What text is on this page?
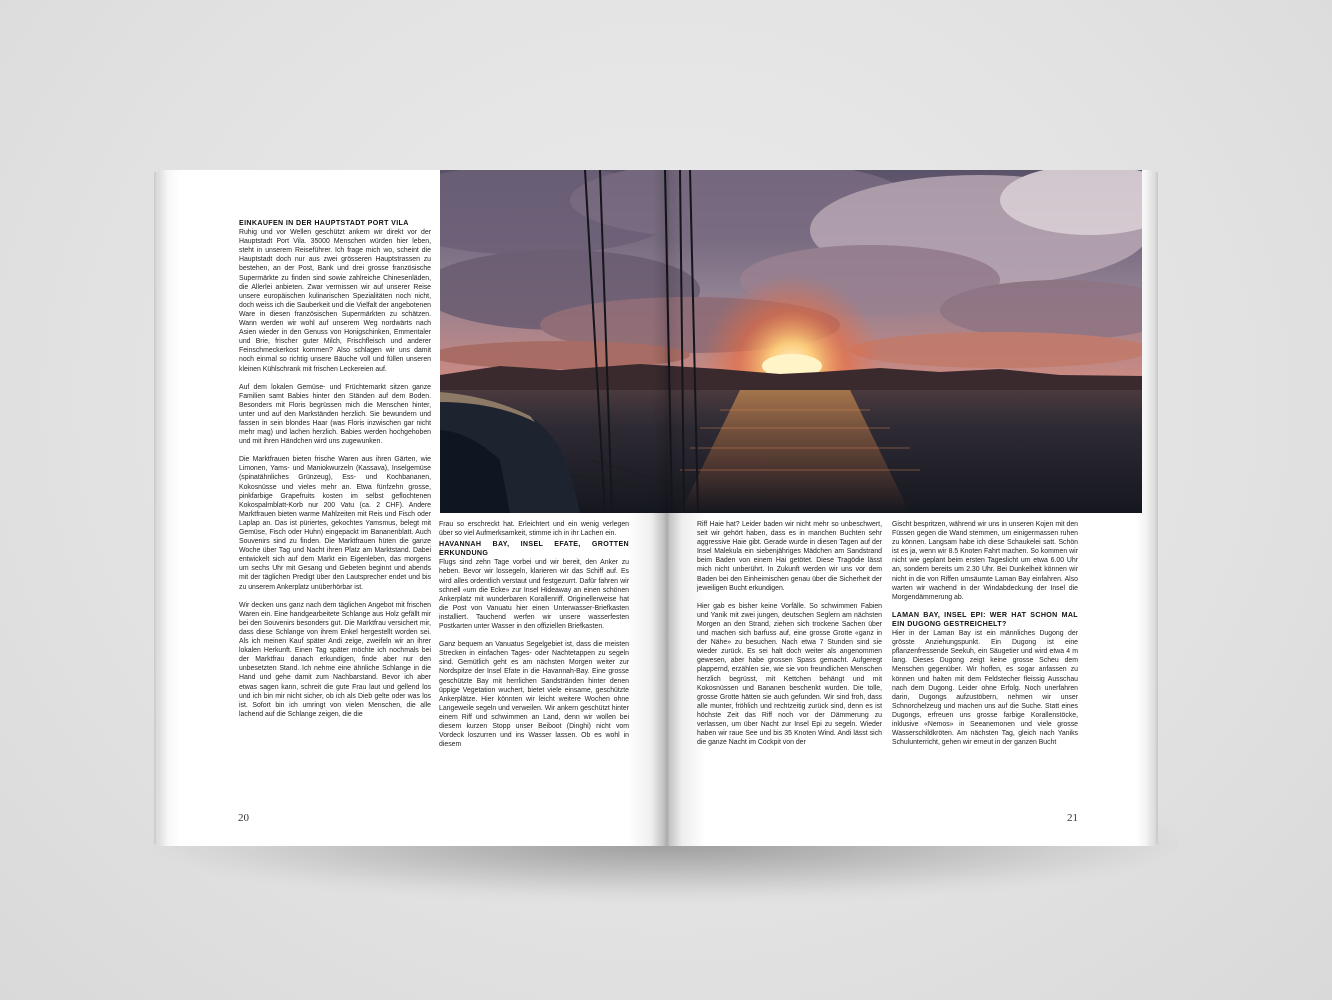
EINKAUFEN IN DER HAUPTSTADT PORT VILA

Ruhig und vor Wellen geschützt ankern wir direkt vor der Hauptstadt Port Vila. 35000 Menschen würden hier leben, steht in unserem Reiseführer. Ich frage mich wo, scheint die Hauptstadt doch nur aus zwei grösseren Hauptstrassen zu bestehen, an der Post, Bank und drei grosse französische Supermärkte zu finden sind sowie zahlreiche Chinesenläden, die Allerlei anbieten. Zwar vermissen wir auf unserer Reise unsere europäischen kulinarischen Spezialitäten noch nicht, doch weiss ich die Sauberkeit und die Vielfalt der angebotenen Ware in diesen französischen Supermärkten zu schätzen. Wann werden wir wohl auf unserem Weg nordwärts nach Asien wieder in den Genuss von Honigschinken, Emmentaler und Brie, frischer guter Milch, Frischfleisch und anderer Feinschmeckerkost kommen? Also schlagen wir uns damit noch einmal so richtig unsere Bäuche voll und füllen unseren kleinen Kühlschrank mit frischen Leckereien auf.

Auf dem lokalen Gemüse- und Früchtemarkt sitzen ganze Familien samt Babies hinter den Ständen auf dem Boden. Besonders mit Floris begrüssen mich die Menschen hinter, unter und auf den Markständen herzlich. Sie bewundern und fassen in sein blondes Haar (was Floris inzwischen gar nicht mehr mag) und lachen herzlich. Babies werden hochgehoben und mit ihren Händchen wird uns zugewunken.

Die Marktfrauen bieten frische Waren aus ihren Gärten, wie Limonen, Yams- und Maniokwurzeln (Kassava), Inselgemüse (spinatähnliches Grünzeug), Ess- und Kochbananen, Kokosnüsse und vieles mehr an. Etwa fünfzehn grosse, pinkfarbige Grapefruits kosten im selbst geflochtenen Kokospalmblatt-Korb nur 200 Vatu (ca. 2 CHF). Andere Marktfrauen bieten warme Mahlzeiten mit Reis und Fisch oder Laplap an. Das ist püriertes, gekochtes Yamsmus, belegt mit Gemüse, Fisch oder Huhn) eingepackt im Bananenblatt. Auch Souvenirs sind zu finden. Die Marktfrauen hüten die ganze Woche über Tag und Nacht ihren Platz am Marktstand. Dabei entwickelt sich auf dem Markt ein Eigenleben, das morgens um sechs Uhr mit Gesang und Gebeten beginnt und abends mit der täglichen Predigt über den Lautsprecher endet und bis zu unserem Ankerplatz unüberhörbar ist.

Wir decken uns ganz nach dem täglichen Angebot mit frischen Waren ein. Eine handgearbeitete Schlange aus Holz gefällt mir bei den Souvenirs besonders gut. Die Marktfrau versichert mir, dass diese Schlange von ihrem Enkel hergestellt worden sei. Als ich meinen Kauf später Andi zeige, zweifeln wir an ihrer lokalen Herkunft. Einen Tag später möchte ich nochmals bei der Marktfrau danach erkundigen, finde aber nur den unbesetzten Stand. Ich nehme eine ähnliche Schlange in die Hand und gehe damit zum Nachbarstand. Bevor ich aber etwas sagen kann, schreit die gute Frau laut und gellend los und ich bin mir nicht sicher, ob ich als Dieb gelte oder was los ist. Sofort bin ich umringt von vielen Menschen, die alle lachend auf die Schlange zeigen, die die

Frau so erschreckt hat. Erleichtert und ein wenig verlegen über so viel Aufmerksamkeit, stimme ich in ihr Lachen ein.

HAVANNAH BAY, INSEL EFATE, GROTTEN ERKUNDUNG

Flugs sind zehn Tage vorbei und wir bereit, den Anker zu heben. Bevor wir lossegeln, klarieren wir das Schiff auf. Es wird alles ordentlich verstaut und festgezurrt. Dafür fahren wir schnell «um die Ecke» zur Insel Hideaway an einen schönen Ankerplatz mit wunderbaren Korallenriff. Originellerweise hat die Post von Vanuatu hier einen Unterwasser-Briefkasten installiert. Tauchend werfen wir unsere wasserfesten Postkarten unter Wasser in den offiziellen Briefkasten.

Ganz bequem an Vanuatus Segelgebiet ist, dass die meisten Strecken in einfachen Tages- oder Nachtetappen zu segeln sind. Gemütlich geht es am nächsten Morgen weiter zur Nordspitze der Insel Efate in die Havannah-Bay. Eine grosse geschützte Bay mit herrlichen Sandstränden hinter denen üppige Vegetation wuchert, bietet viele einsame, geschützte Ankerplätze. Hier könnten wir leicht weitere Wochen ohne Langeweile segeln und verweilen. Wir ankern geschützt hinter einem Riff und schwimmen an Land, denn wir wollen bei diesem kurzen Stopp unser Beiboot (Dinghi) nicht vom Vordeck loszurren und ins Wasser lassen. Ob es wohl in diesem

Riff Haie hat? Leider baden wir nicht mehr so unbeschwert, seit wir gehört haben, dass es in manchen Buchten sehr aggressive Haie gibt. Gerade wurde in diesen Tagen auf der Insel Malekula ein siebenjähriges Mädchen am Sandstrand beim Baden von einem Hai getötet. Diese Tragödie lässt mich nicht unberührt. In Zukunft werden wir uns vor dem Baden bei den Einheimischen genau über die Sicherheit der jeweiligen Bucht erkundigen.

Hier gab es bisher keine Vorfälle. So schwimmen Fabien und Yanik mit zwei jungen, deutschen Seglern am nächsten Morgen an den Strand, ziehen sich trockene Sachen über und machen sich barfuss auf, eine grosse Grotte «ganz in der Nähe» zu besuchen. Nach etwa 7 Stunden sind sie wieder zurück. Es sei halt doch weiter als angenommen gewesen, aber habe grossen Spass gemacht. Aufgeregt plappernd, erzählen sie, wie sie von freundlichen Menschen herzlich begrüsst, mit Kettchen behängt und mit Kokosnüssen und Bananen beschenkt wurden. Die tolle, grosse Grotte hätten sie auch gefunden. Wir sind froh, dass alle munter, fröhlich und rechtzeitig zurück sind, denn es ist höchste Zeit das Riff noch vor der Dämmerung zu verlassen, um über Nacht zur Insel Epi zu segeln. Wieder haben wir raue See und bis 35 Knoten Wind. Andi lässt sich die ganze Nacht im Cockpit von der

Gischt bespritzen, während wir uns in unseren Kojen mit den Füssen gegen die Wand stemmen, um einigermassen ruhen zu können. Langsam habe ich diese Schaukelei satt. Schön ist es ja, wenn wir 8.5 Knoten Fahrt machen. So kommen wir nicht wie geplant beim ersten Tageslicht um etwa 6.00 Uhr an, sondern bereits um 2.30 Uhr. Bei Dunkelheit können wir nicht in die von Riffen umsäumte Laman Bay einfahren. Also warten wir wachend in der Windabdeckung der Insel die Morgendämmerung ab.

LAMAN BAY, INSEL EPI: WER HAT SCHON MAL EIN DUGONG GESTREICHELT?

Hier in der Laman Bay ist ein männliches Dugong der grösste Anziehungspunkt. Ein Dugong ist eine pflanzenfressende Seekuh, ein Säugetier und wird etwa 4 m lang. Dieses Dugong zeigt keine grosse Scheu dem Menschen gegenüber. Wir hoffen, es sogar anfassen zu können und halten mit dem Feldstecher fleissig Ausschau nach dem Dugong. Leider ohne Erfolg. Noch unerfahren darin, Dugongs aufzustöbern, nehmen wir unser Schnorchelzeug und machen uns auf die Suche. Statt eines Dugongs, erfreuen uns grosse farbige Korallenstöcke, inklusive «Nemos» in Seeanemonen und viele grosse Wasserschildkröten. Am nächsten Tag, gleich nach Yaniks Schulunterricht, gehen wir erneut in der ganzen Bucht

20	21
